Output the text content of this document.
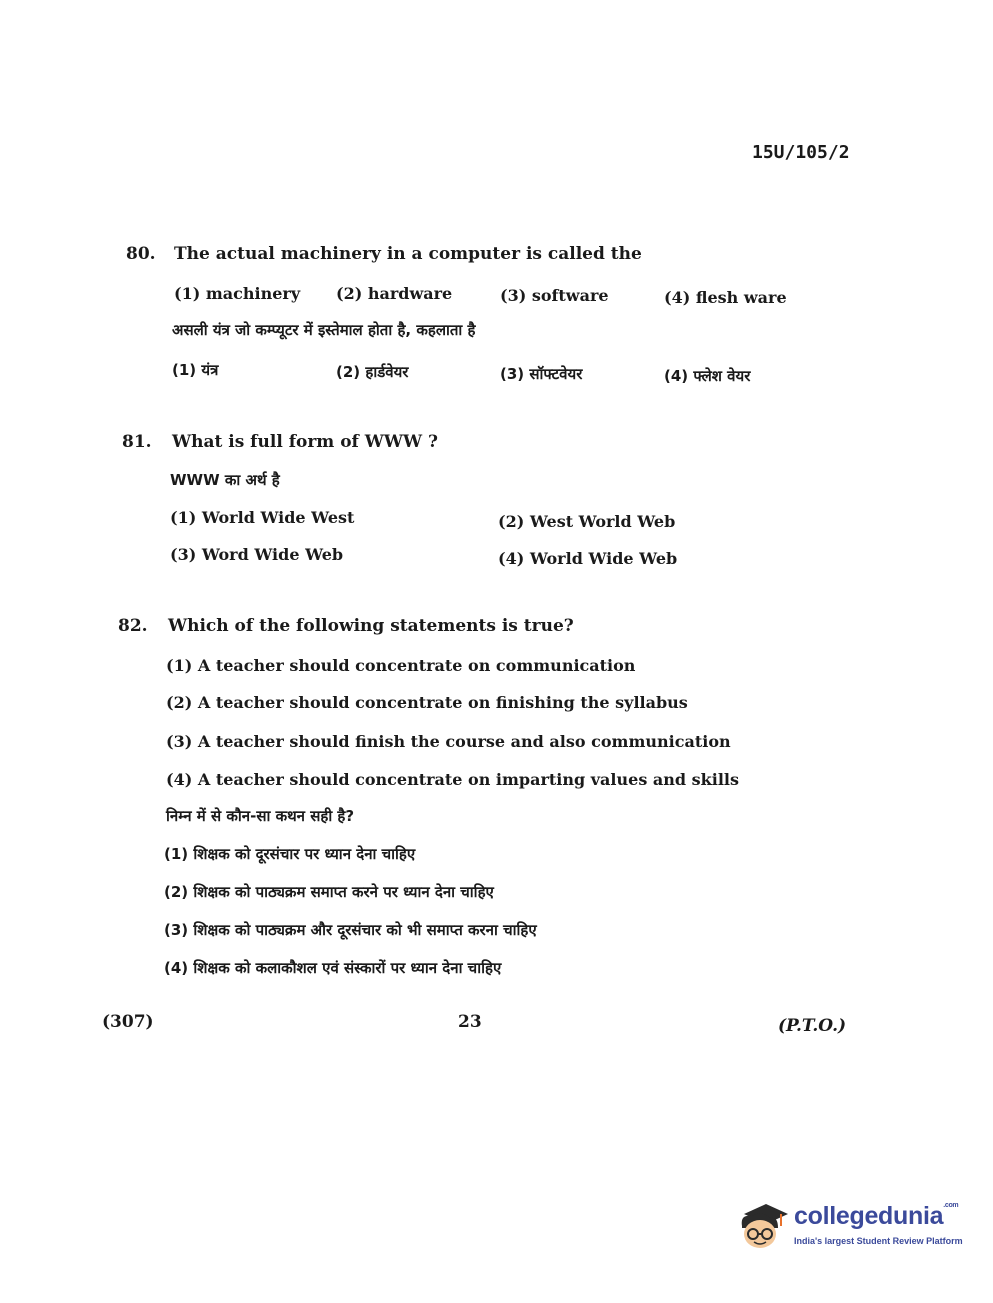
15U/105/2
80. The actual machinery in a computer is called the
(1) machinery (2) hardware	(3) software	(4) flesh ware
असली यंत्र जो कम्प्यूटर में इस्तेमाल होता है, कहलाता है
(1) यंत्र	(2) हार्डवेयर	(3) सॉफ्टवेयर	(4) फ्लेश वेयर
81. What is full form of WWW ?
WWW का अर्थ है
(1) World Wide West	(2) West World Web
(3) Word Wide Web	(4) World Wide Web
82. Which of the following statements is true?
(1) A teacher should concentrate on communication
(2) A teacher should concentrate on finishing the syllabus
(3) A teacher should finish the course and also communication
(4) A teacher should concentrate on imparting values and skills
निम्न में से कौन-सा कथन सही है?
(1) शिक्षक को दूरसंचार पर ध्यान देना चाहिए
(2) शिक्षक को पाठ्यक्रम समाप्त करने पर ध्यान देना चाहिए
(3) शिक्षक को पाठ्यक्रम और दूरसंचार को भी समाप्त करना चाहिए
(4) शिक्षक को कलाकौशल एवं संस्कारों पर ध्यान देना चाहिए
(307)	23	(P.T.O.)
collegedunia$^{.com}$
India's largest Student Review Platform
